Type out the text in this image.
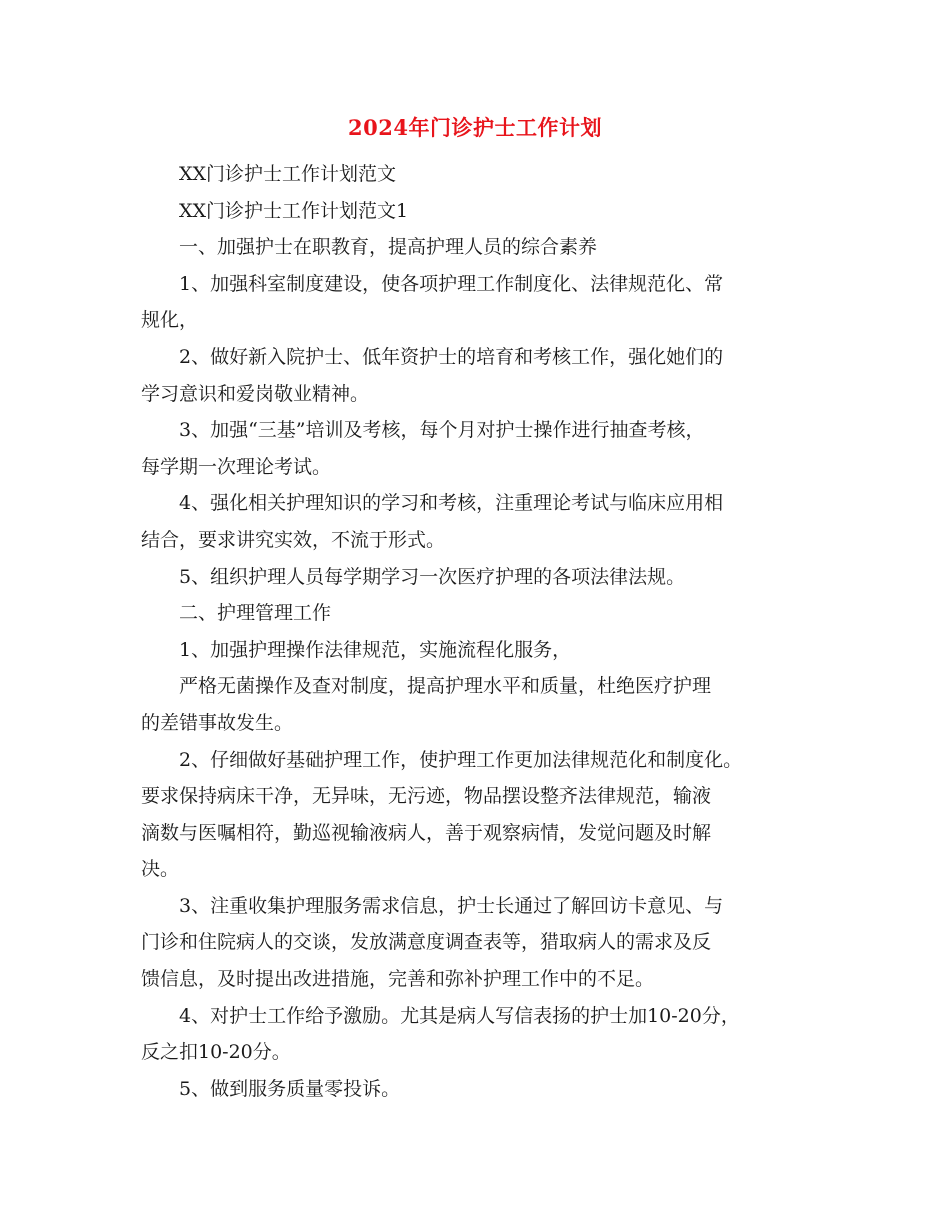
2024年门诊护士工作计划
XX门诊护士工作计划范文
XX门诊护士工作计划范文1
一、加强护士在职教育，提高护理人员的综合素养
1、加强科室制度建设，使各项护理工作制度化、法律规范化、常
规化，
2、做好新入院护士、低年资护士的培育和考核工作，强化她们的
学习意识和爱岗敬业精神。
3、加强“三基”培训及考核，每个月对护士操作进行抽查考核，
每学期一次理论考试。
4、强化相关护理知识的学习和考核，注重理论考试与临床应用相
结合，要求讲究实效，不流于形式。
5、组织护理人员每学期学习一次医疗护理的各项法律法规。
二、护理管理工作
1、加强护理操作法律规范，实施流程化服务，
严格无菌操作及查对制度，提高护理水平和质量，杜绝医疗护理
的差错事故发生。
2、仔细做好基础护理工作，使护理工作更加法律规范化和制度化。
要求保持病床干净，无异味，无污迹，物品摆设整齐法律规范，输液
滴数与医嘱相符，勤巡视输液病人，善于观察病情，发觉问题及时解
决。
3、注重收集护理服务需求信息，护士长通过了解回访卡意见、与
门诊和住院病人的交谈，发放满意度调查表等，猎取病人的需求及反
馈信息，及时提出改进措施，完善和弥补护理工作中的不足。
4、对护士工作给予激励。尤其是病人写信表扬的护士加10-20分，
反之扣10-20分。
5、做到服务质量零投诉。
